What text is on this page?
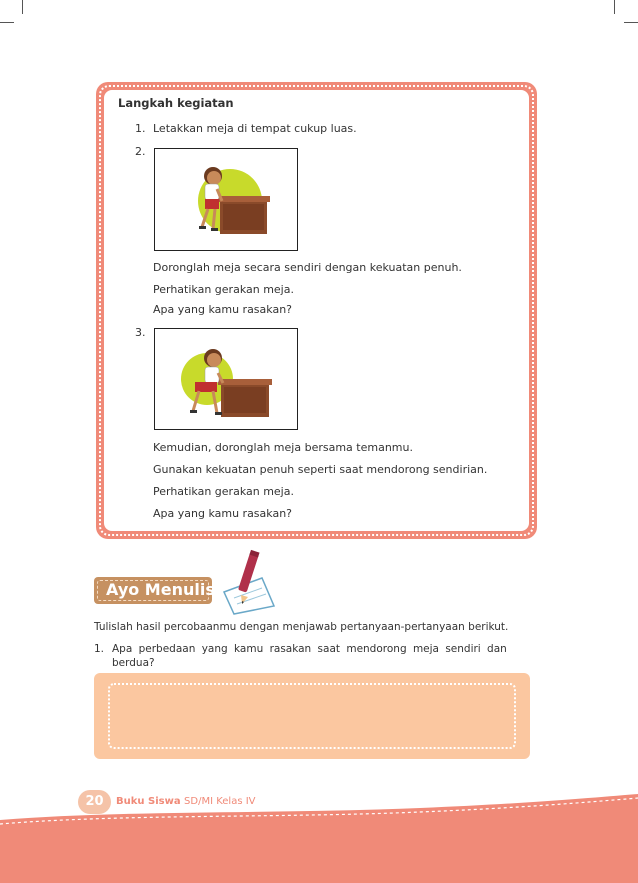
Langkah kegiatan
1. Letakkan meja di tempat cukup luas.
2.
Doronglah meja secara sendiri dengan kekuatan penuh.
Perhatikan gerakan meja.
Apa yang kamu rasakan?
3.
Kemudian, doronglah meja bersama temanmu.
Gunakan kekuatan penuh seperti saat mendorong sendirian.
Perhatikan gerakan meja.
Apa yang kamu rasakan?
Ayo Menulis
Tulislah hasil percobaanmu dengan menjawab pertanyaan-pertanyaan berikut.
1. Apa perbedaan yang kamu rasakan saat mendorong meja sendiri dan
berdua?
20	Buku Siswa SD/MI Kelas IV
